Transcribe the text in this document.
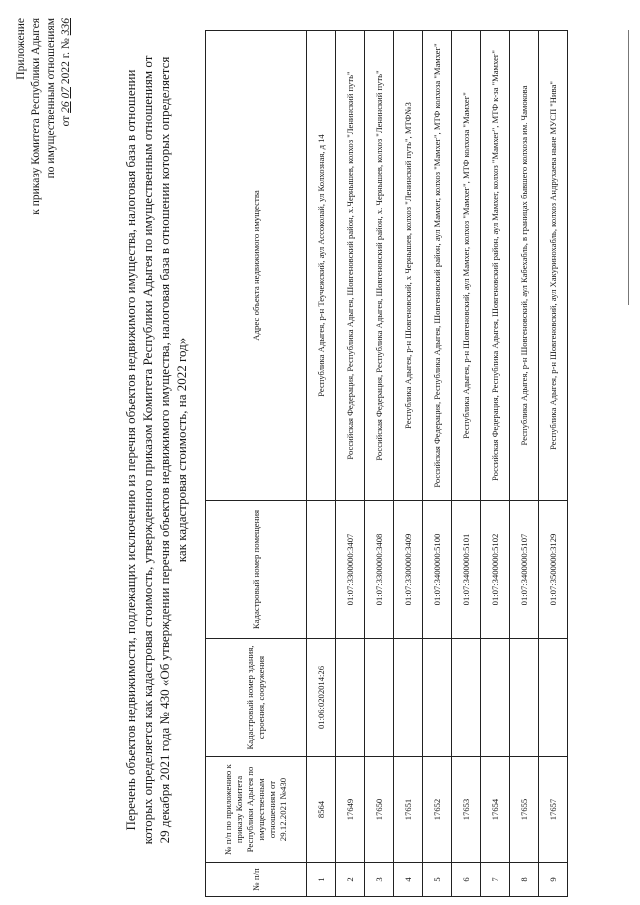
Приложение к приказу Комитета Республики Адыгея по имущественным отношениям от 26 07 2022 г. № 336
Перечень объектов недвижимости, подлежащих исключению из перечня объектов недвижимого имущества, налоговая база в отношении которых определяется как кадастровая стоимость, утвержденного приказом Комитета Республики Адыгея по имущественным отношениям от 29 декабря 2021 года № 430 «Об утверждении перечня объектов недвижимого имущества, налоговая база в отношении которых определяется как кадастровая стоимость, на 2022 год»
№ п/п	№ п/п по приложению к приказу Комитета Республики Адыгея по имущественным отношениям от 29.12.2021 №430	Кадастровый номер здания, строения, сооружения	Кадастровый номер помещения	Адрес объекта недвижимого имущества
1	8564	01:06:0202014:26		Республика Адыгея, р-н Теучежский, аул Ассоколай, ул Колхозная, д 14
2	17649		01:07:3300000:3407	Российская Федерация, Республика Адыгея, Шовгеновский район, х.Чернышев, колхоз "Ленинский путь"
3	17650		01:07:3300000:3408	Российская Федерация, Республика Адыгея, Шовгеновский район, х. Чернышев, колхоз "Ленинский путь"
4	17651		01:07:3300000:3409	Республика Адыгея, р-н Шовгеновский, х Чернышев, колхоз "Ленинский путь", МТФ№3
5	17652		01:07:3400000:5100	Российская Федерация, Республика Адыгея, Шовгеновский район, аул Мамхег, колхоз "Мамхег", МТФ колхоза "Мамхег"
6	17653		01:07:3400000:5101	Республика Адыгея, р-н Шовгеновский, аул Мамхег, колхоз "Мамхег", МТФ колхоза "Мамхег"
7	17654		01:07:3400000:5102	Российская Федерация, Республика Адыгея, Шовгеновский район, аул Мамхег, колхоз "Мамхег", МТФ к-за "Мамхег"
8	17655		01:07:3400000:5107	Республика Адыгея, р-н Шовгеновский, аул Кабехабль, в границах бывшего колхоза им. Чамокова
9	17657		01:07:3500000:3129	Республика Адыгея, р-н Шовгеновский, аул Хакуринохабль, колхоз Андрухаева ныне МУСП "Нива"
